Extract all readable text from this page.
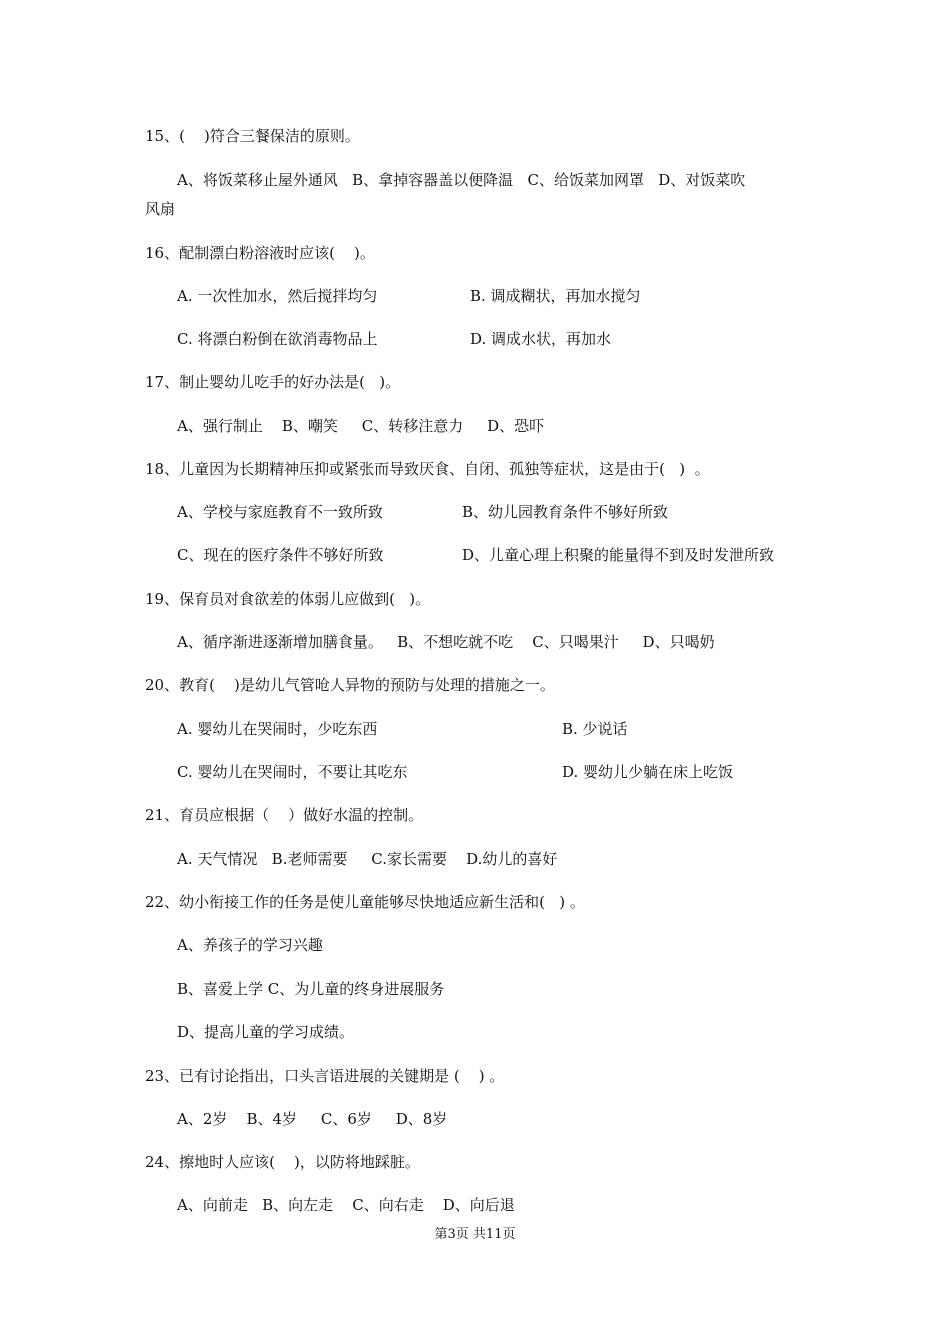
15、(    )符合三餐保洁的原则。
A、将饭菜移止屋外通风   B、拿掉容器盖以便降温   C、给饭菜加网罩   D、对饭菜吹
风扇
16、配制漂白粉溶液时应该(    )。
A. 一次性加水，然后搅拌均匀	B. 调成糊状，再加水搅匀
C. 将漂白粉倒在欲消毒物品上	D. 调成水状，再加水
17、制止婴幼儿吃手的好办法是(   )。
A、强行制止    B、嘲笑     C、转移注意力     D、恐吓
18、儿童因为长期精神压抑或紧张而导致厌食、自闭、孤独等症状，这是由于(   )  。
A、学校与家庭教育不一致所致	B、幼儿园教育条件不够好所致
C、现在的医疗条件不够好所致	D、儿童心理上积聚的能量得不到及时发泄所致
19、保育员对食欲差的体弱儿应做到(   )。
A、循序渐进逐渐增加膳食量。   B、不想吃就不吃    C、只喝果汁     D、只喝奶
20、教育(    )是幼儿气管呛人异物的预防与处理的措施之一。
A. 婴幼儿在哭闹时，少吃东西	B. 少说话
C. 婴幼儿在哭闹时，不要让其吃东	D. 婴幼儿少躺在床上吃饭
21、育员应根据（    ）做好水温的控制。
A. 天气情况   B.老师需要     C.家长需要    D.幼儿的喜好
22、幼小衔接工作的任务是使儿童能够尽快地适应新生活和(   ) 。
A、养孩子的学习兴趣
B、喜爱上学 C、为儿童的终身进展服务
D、提高儿童的学习成绩。
23、已有讨论指出，口头言语进展的关键期是 (    ) 。
A、2岁    B、4岁     C、6岁     D、8岁
24、擦地时人应该(    )，以防将地踩脏。
A、向前走   B、向左走    C、向右走    D、向后退
第3页 共11页
